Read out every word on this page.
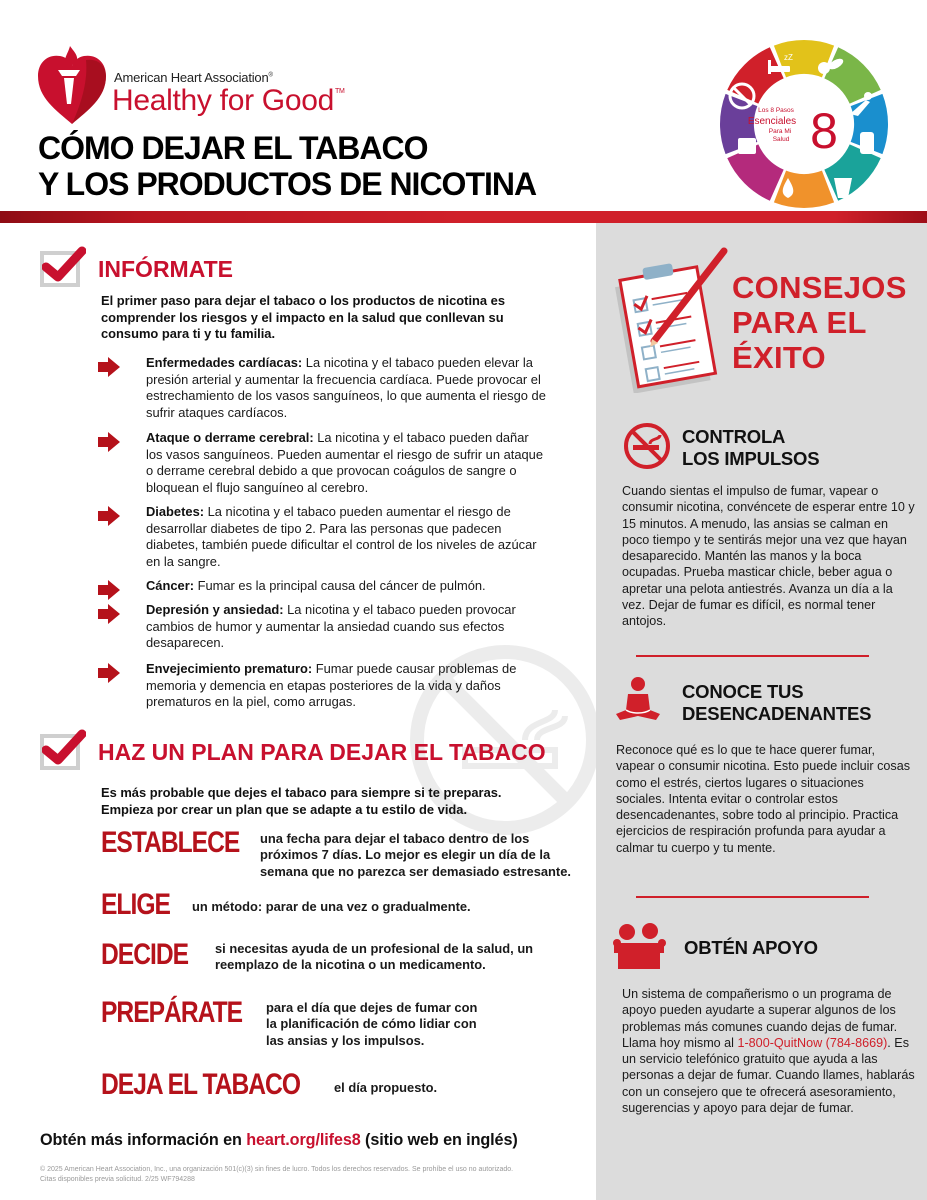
American Heart Association®
Healthy for Good™
CÓMO DEJAR EL TABACO
Y LOS PRODUCTOS DE NICOTINA
Los 8 Pasos
Esenciales
Para Mi
Salud 8
zZ
INFÓRMATE
El primer paso para dejar el tabaco o los productos de nicotina es comprender los riesgos y el impacto en la salud que conllevan su consumo para ti y tu familia.
Enfermedades cardíacas: La nicotina y el tabaco pueden elevar la presión arterial y aumentar la frecuencia cardíaca. Puede provocar el estrechamiento de los vasos sanguíneos, lo que aumenta el riesgo de sufrir ataques cardíacos.
Ataque o derrame cerebral: La nicotina y el tabaco pueden dañar los vasos sanguíneos. Pueden aumentar el riesgo de sufrir un ataque o derrame cerebral debido a que provocan coágulos de sangre o bloquean el flujo sanguíneo al cerebro.
Diabetes: La nicotina y el tabaco pueden aumentar el riesgo de desarrollar diabetes de tipo 2. Para las personas que padecen diabetes, también puede dificultar el control de los niveles de azúcar en la sangre.
Cáncer: Fumar es la principal causa del cáncer de pulmón.
Depresión y ansiedad: La nicotina y el tabaco pueden provocar cambios de humor y aumentar la ansiedad cuando sus efectos desaparecen.
Envejecimiento prematuro: Fumar puede causar problemas de memoria y demencia en etapas posteriores de la vida y daños prematuros en la piel, como arrugas.
HAZ UN PLAN PARA DEJAR EL TABACO
Es más probable que dejes el tabaco para siempre si te preparas. Empieza por crear un plan que se adapte a tu estilo de vida.
ESTABLECE una fecha para dejar el tabaco dentro de los próximos 7 días. Lo mejor es elegir un día de la semana que no parezca ser demasiado estresante.
ELIGE un método: parar de una vez o gradualmente.
DECIDE si necesitas ayuda de un profesional de la salud, un reemplazo de la nicotina o un medicamento.
PREPÁRATE para el día que dejes de fumar con la planificación de cómo lidiar con las ansias y los impulsos.
DEJA EL TABACO	el día propuesto.
Obtén más información en heart.org/lifes8 (sitio web en inglés)
© 2025 American Heart Association, Inc., una organización 501(c)(3) sin fines de lucro. Todos los derechos reservados. Se prohíbe el uso no autorizado.
Citas disponibles previa solicitud. 2/25 WF794288
CONSEJOS
PARA EL
ÉXITO
CONTROLA
LOS IMPULSOS
Cuando sientas el impulso de fumar, vapear o consumir nicotina, convéncete de esperar entre 10 y 15 minutos. A menudo, las ansias se calman en poco tiempo y te sentirás mejor una vez que hayan desaparecido. Mantén las manos y la boca ocupadas. Prueba masticar chicle, beber agua o apretar una pelota antiestrés. Avanza un día a la vez. Dejar de fumar es difícil, es normal tener antojos.
CONOCE TUS
DESENCADENANTES
Reconoce qué es lo que te hace querer fumar, vapear o consumir nicotina. Esto puede incluir cosas como el estrés, ciertos lugares o situaciones sociales. Intenta evitar o controlar estos desencadenantes, sobre todo al principio. Practica ejercicios de respiración profunda para ayudar a calmar tu cuerpo y tu mente.
OBTÉN APOYO
Un sistema de compañerismo o un programa de apoyo pueden ayudarte a superar algunos de los problemas más comunes cuando dejas de fumar. Llama hoy mismo al 1-800-QuitNow (784-8669). Es un servicio telefónico gratuito que ayuda a las personas a dejar de fumar. Cuando llames, hablarás con un consejero que te ofrecerá asesoramiento, sugerencias y apoyo para dejar de fumar.
